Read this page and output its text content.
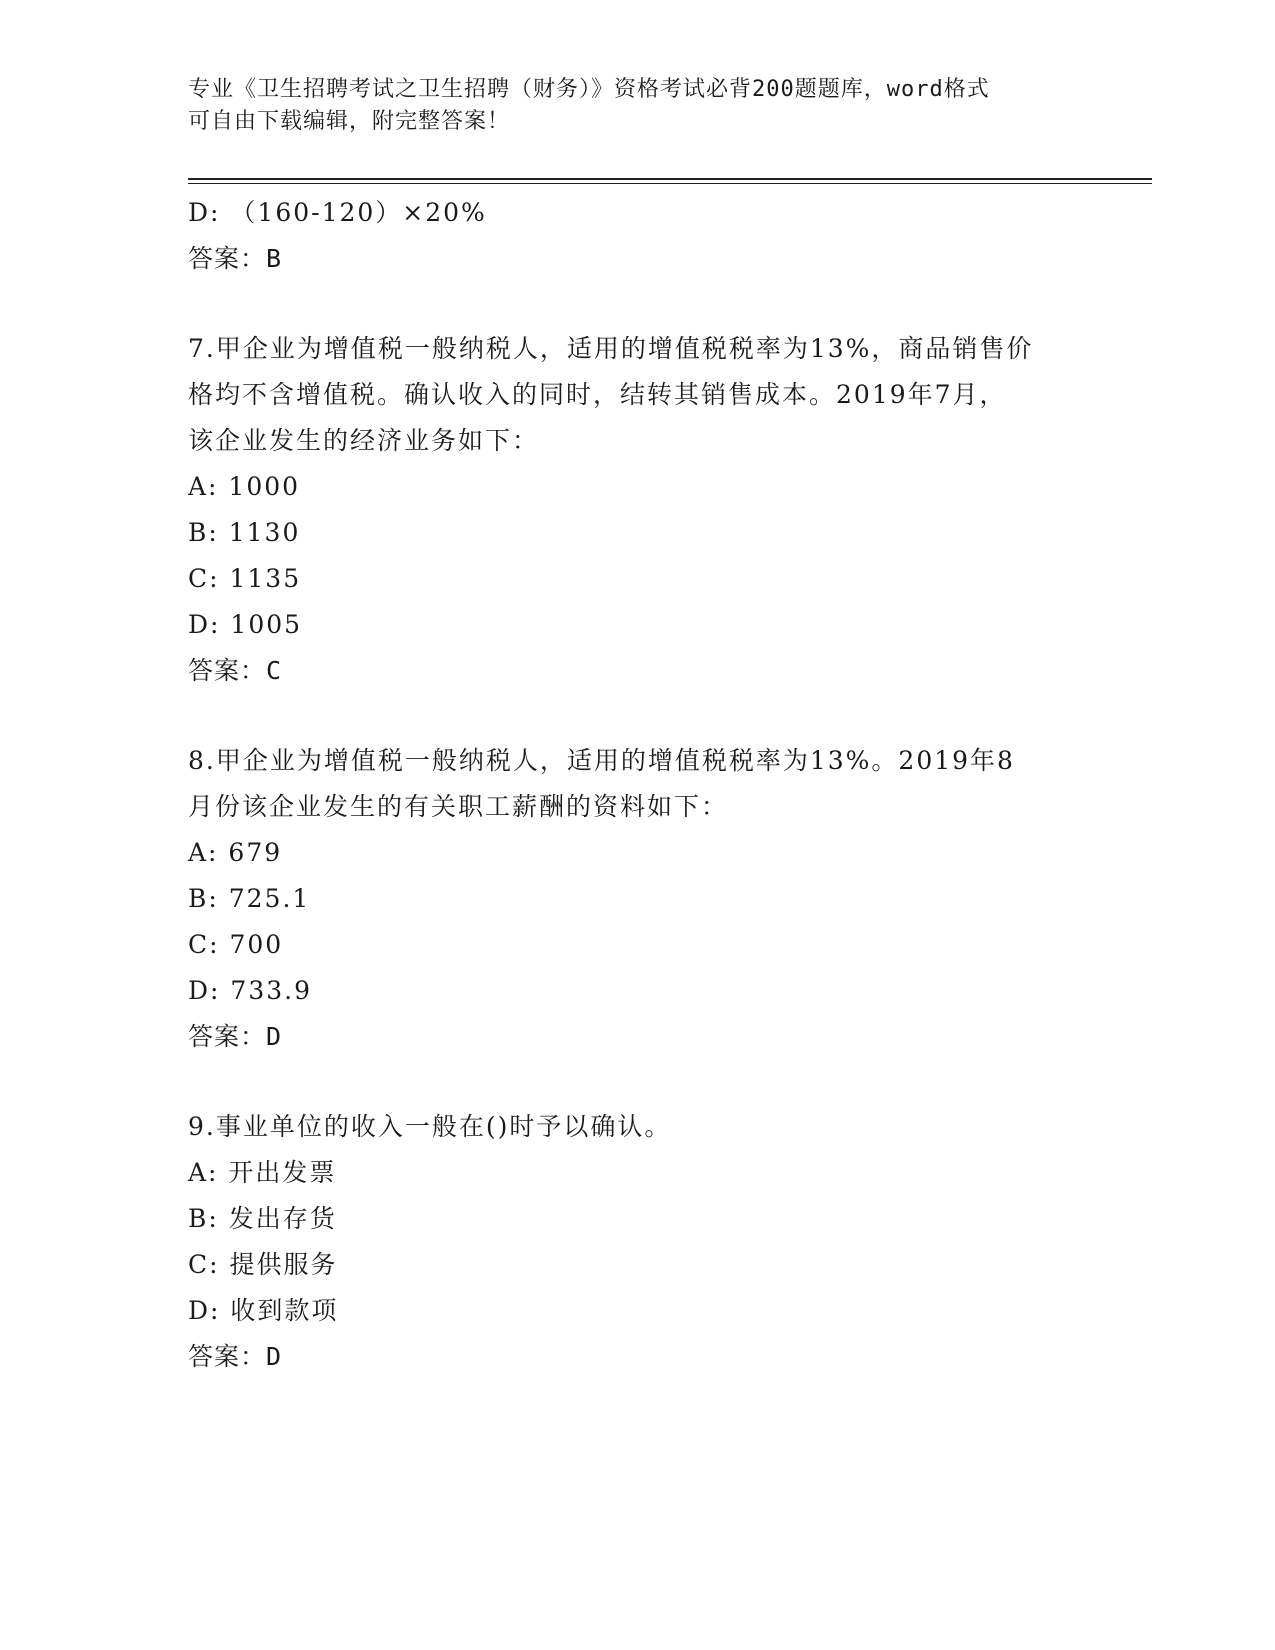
专业《卫生招聘考试之卫生招聘（财务）》资格考试必背200题题库，word格式
可自由下载编辑，附完整答案！
D: （160-120）×20%
答案：B
7.甲企业为增值税一般纳税人，适用的增值税税率为13%，商品销售价
格均不含增值税。确认收入的同时，结转其销售成本。2019年7月，
该企业发生的经济业务如下：
A: 1000
B: 1130
C: 1135
D: 1005
答案：C
8.甲企业为增值税一般纳税人，适用的增值税税率为13%。2019年8
月份该企业发生的有关职工薪酬的资料如下：
A: 679
B: 725.1
C: 700
D: 733.9
答案：D
9.事业单位的收入一般在()时予以确认。
A: 开出发票
B: 发出存货
C: 提供服务
D: 收到款项
答案：D
